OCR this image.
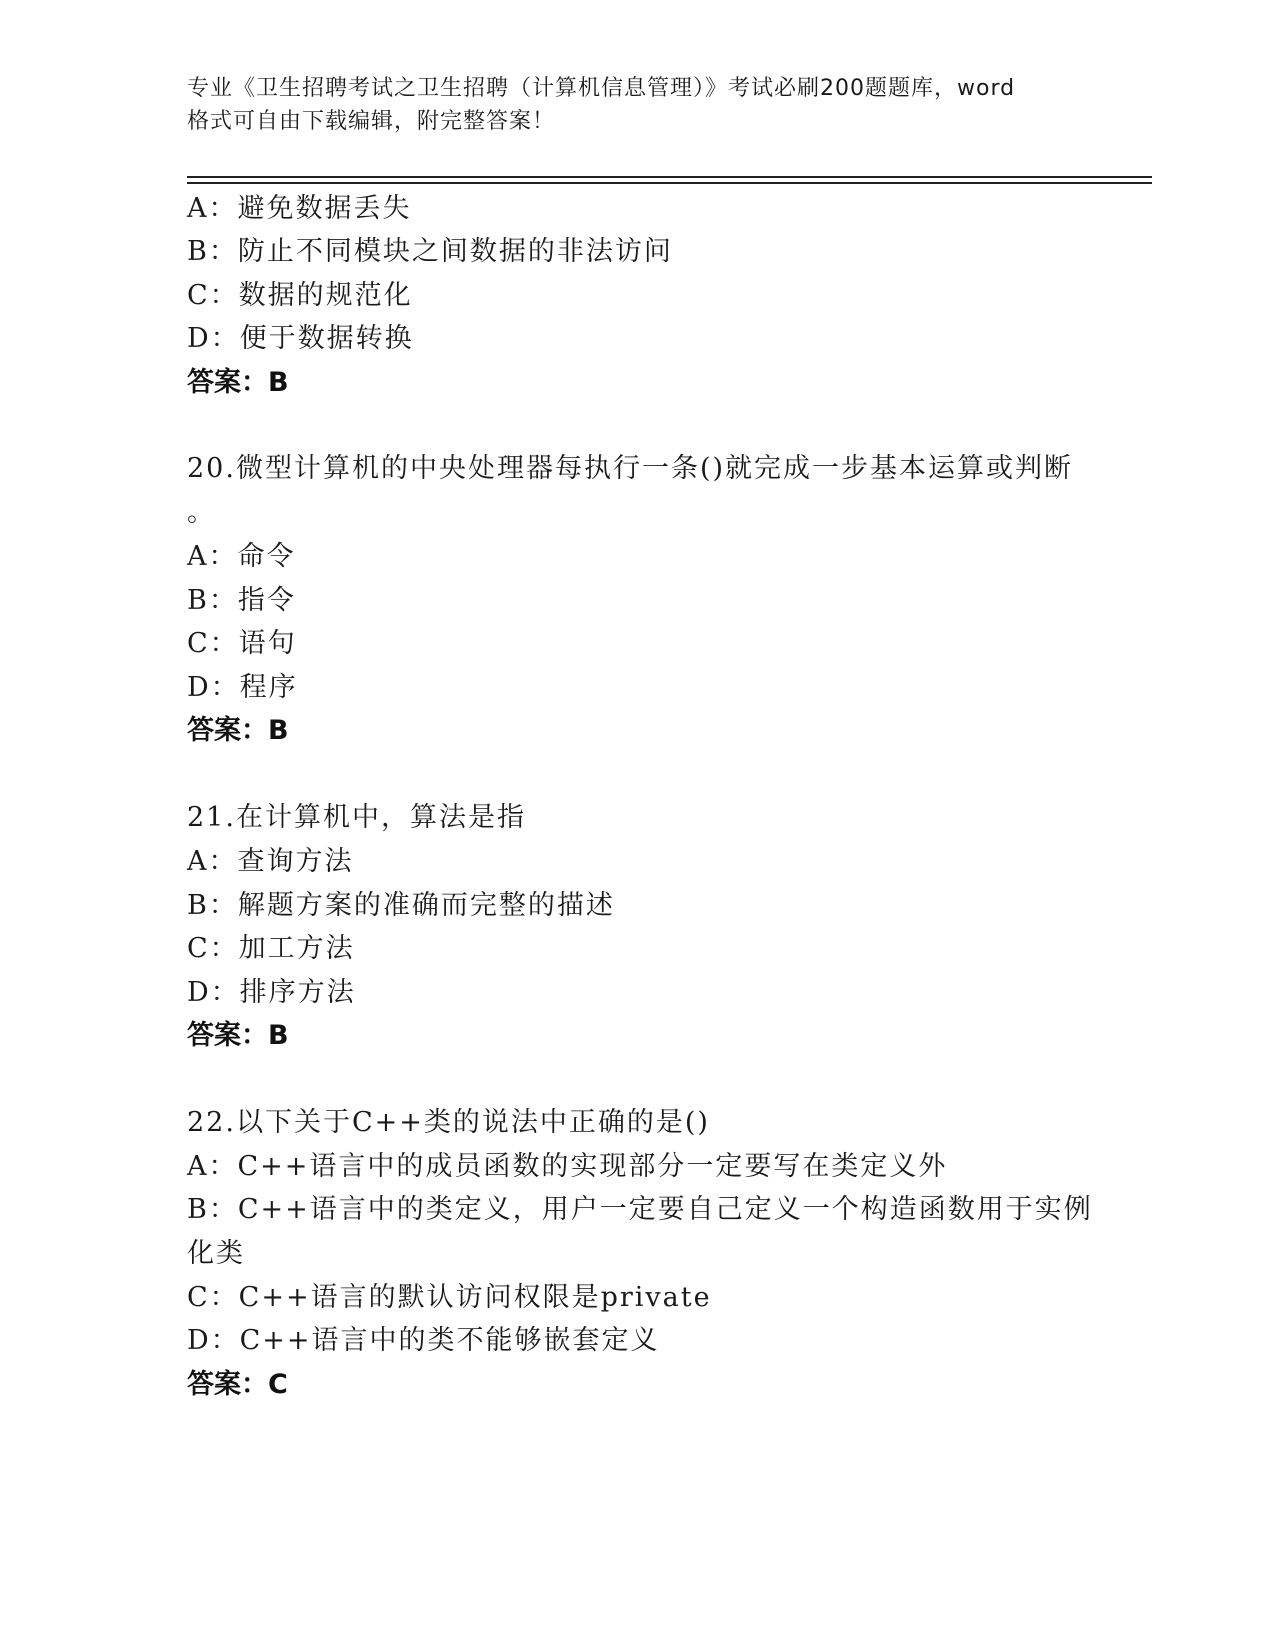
专业《卫生招聘考试之卫生招聘（计算机信息管理）》考试必刷200题题库，word
格式可自由下载编辑，附完整答案！
A：避免数据丢失
B：防止不同模块之间数据的非法访问
C：数据的规范化
D：便于数据转换
答案：B
20.微型计算机的中央处理器每执行一条()就完成一步基本运算或判断
。
A：命令
B：指令
C：语句
D：程序
答案：B
21.在计算机中，算法是指
A：查询方法
B：解题方案的准确而完整的描述
C：加工方法
D：排序方法
答案：B
22.以下关于C++类的说法中正确的是()
A：C++语言中的成员函数的实现部分一定要写在类定义外
B：C++语言中的类定义，用户一定要自己定义一个构造函数用于实例
化类
C：C++语言的默认访问权限是private
D：C++语言中的类不能够嵌套定义
答案：C
